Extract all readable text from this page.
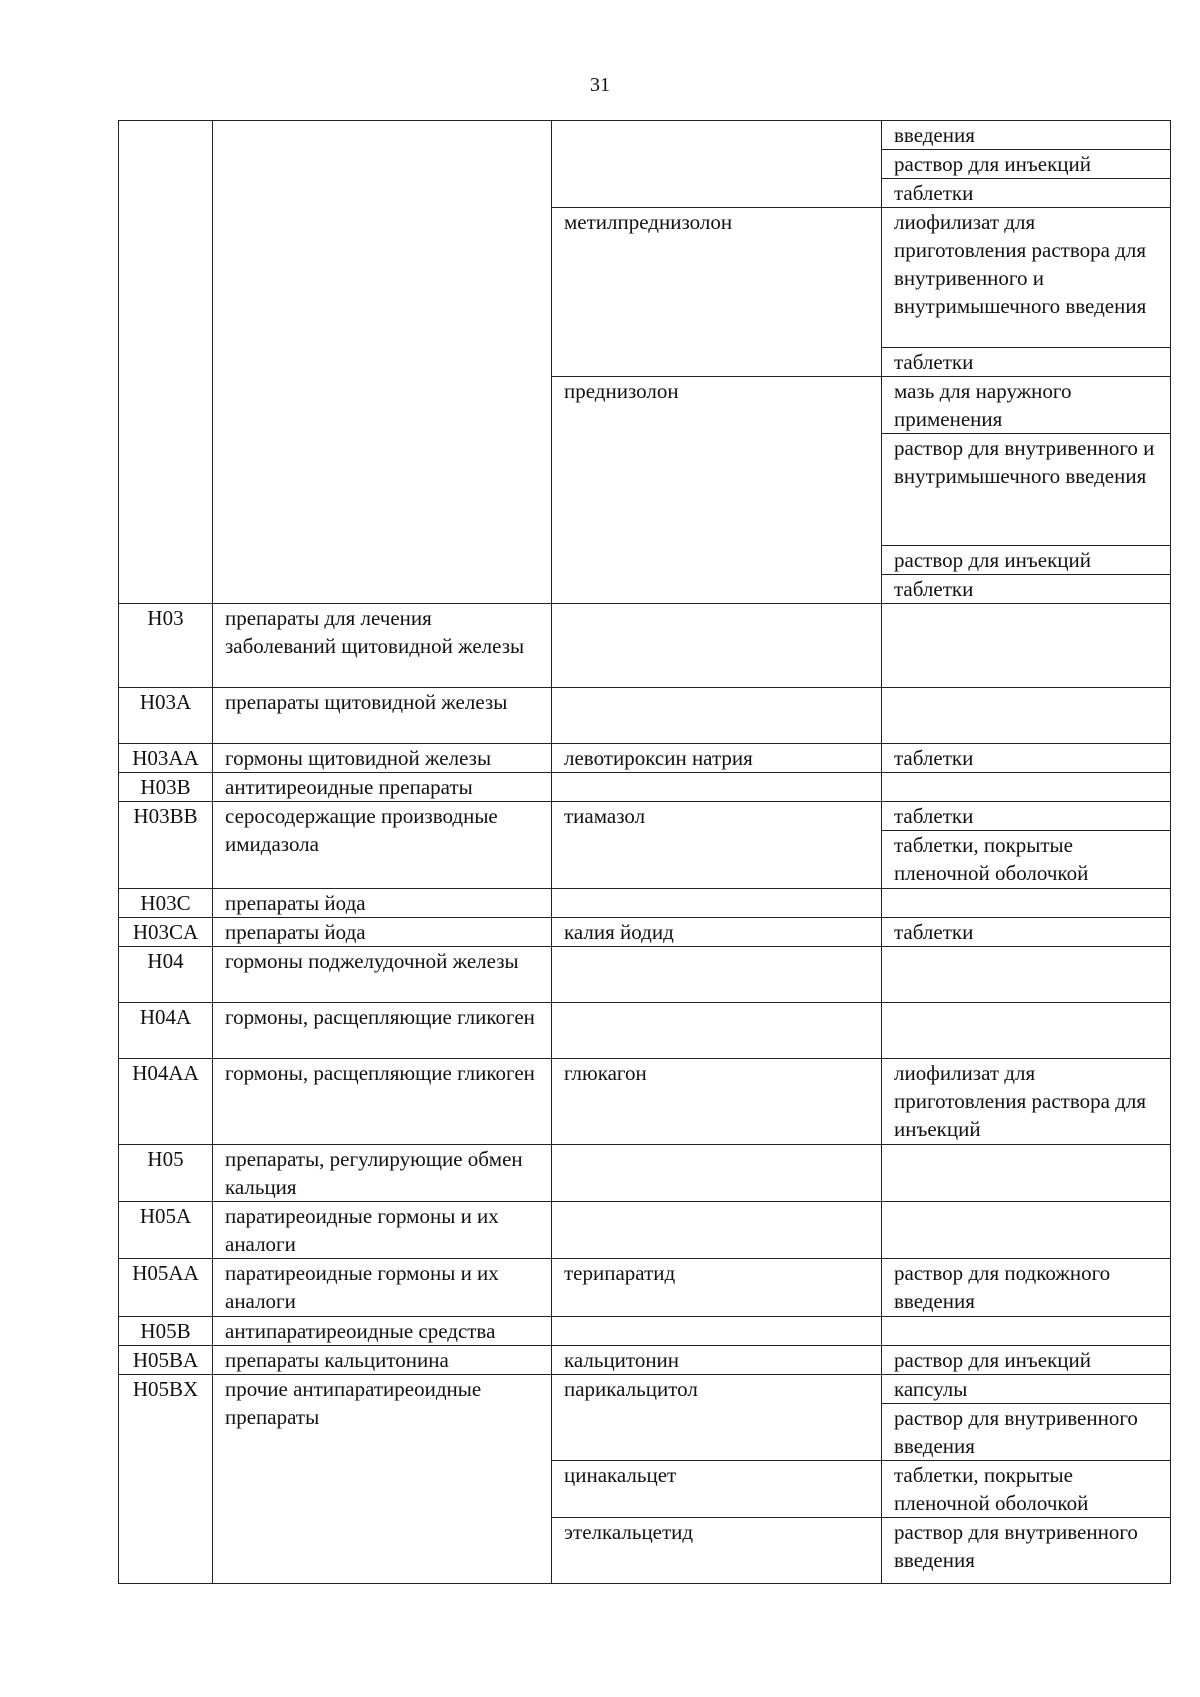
31
			введения
			раствор для инъекций
			таблетки
		метилпреднизолон	лиофилизат для приготовления раствора для внутривенного и внутримышечного введения
			таблетки
		преднизолон	мазь для наружного применения
			раствор для внутривенного и внутримышечного введения
			раствор для инъекций
			таблетки
H03	препараты для лечения заболеваний щитовидной железы		
H03A	препараты щитовидной железы		
H03AA	гормоны щитовидной железы	левотироксин натрия	таблетки
H03B	антитиреоидные препараты		
H03BB	серосодержащие производные имидазола	тиамазол	таблетки
			таблетки, покрытые пленочной оболочкой
H03C	препараты йода		
H03CA	препараты йода	калия йодид	таблетки
H04	гормоны поджелудочной железы		
H04A	гормоны, расщепляющие гликоген		
H04AA	гормоны, расщепляющие гликоген	глюкагон	лиофилизат для приготовления раствора для инъекций
H05	препараты, регулирующие обмен кальция		
H05A	паратиреоидные гормоны и их аналоги		
H05AA	паратиреоидные гормоны и их аналоги	терипаратид	раствор для подкожного введения
H05B	антипаратиреоидные средства		
H05BA	препараты кальцитонина	кальцитонин	раствор для инъекций
H05BX	прочие антипаратиреоидные препараты	парикальцитол	капсулы
			раствор для внутривенного введения
		цинакальцет	таблетки, покрытые пленочной оболочкой
		этелкальцетид	раствор для внутривенного введения
